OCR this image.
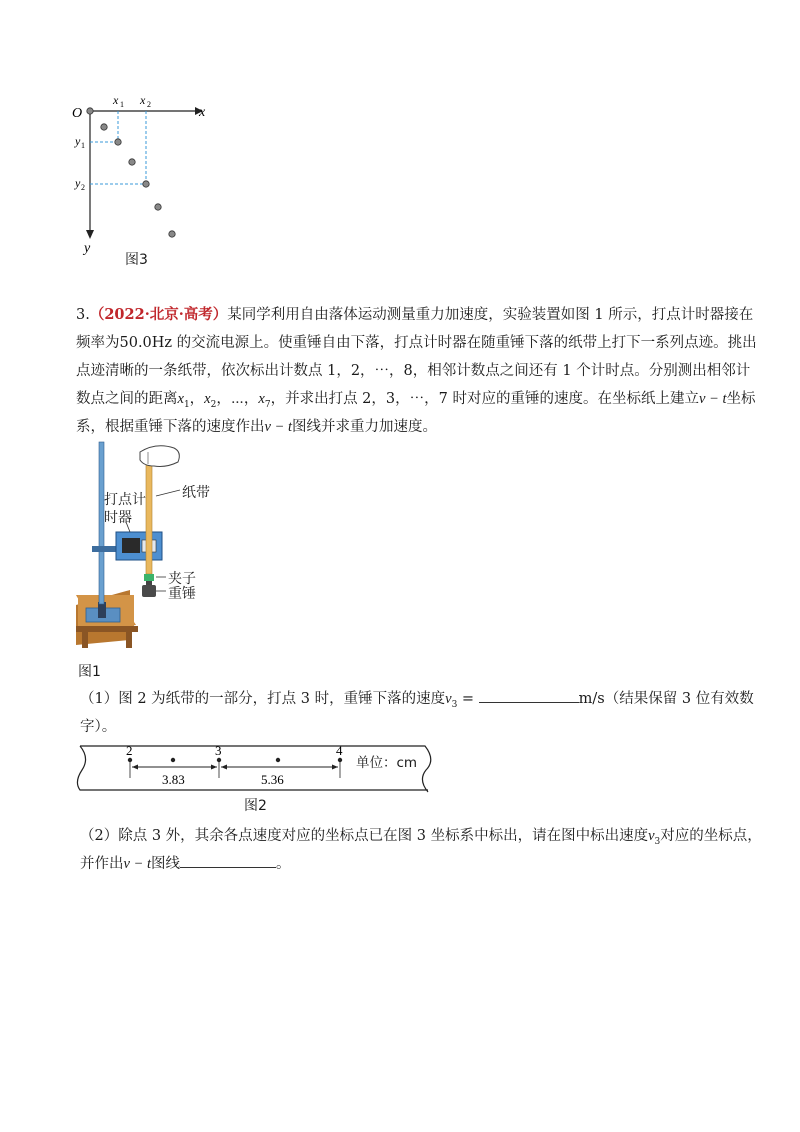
O	x
y
x 1 x 2
y 1
y 2
图3
3.（2022·北京·高考）某同学利用自由落体运动测量重力加速度，实验装置如图 1 所示，打点计时器接在
频率为50.0Hz 的交流电源上。使重锤自由下落，打点计时器在随重锤下落的纸带上打下一系列点迹。挑出
点迹清晰的一条纸带，依次标出计数点 1，2，⋯，8，相邻计数点之间还有 1 个计时点。分别测出相邻计
数点之间的距离$x_1$，$x_2$，⋯，$x_7$，并求出打点 2，3，⋯，7 时对应的重锤的速度。在坐标纸上建立v − t坐标
系，根据重锤下落的速度作出v − t图线并求重力加速度。
纸带
打点计
时器
夹子
重锤
图1
（1）图 2 为纸带的一部分，打点 3 时，重锤下落的速度$v_3$ =	m/s（结果保留 3 位有效数
字）。
2	3	4
3.83	5.36
单位：cm
图2
（2）除点 3 外，其余各点速度对应的坐标点已在图 3 坐标系中标出，请在图中标出速度$v_3$对应的坐标点，
并作出v − t图线	。
